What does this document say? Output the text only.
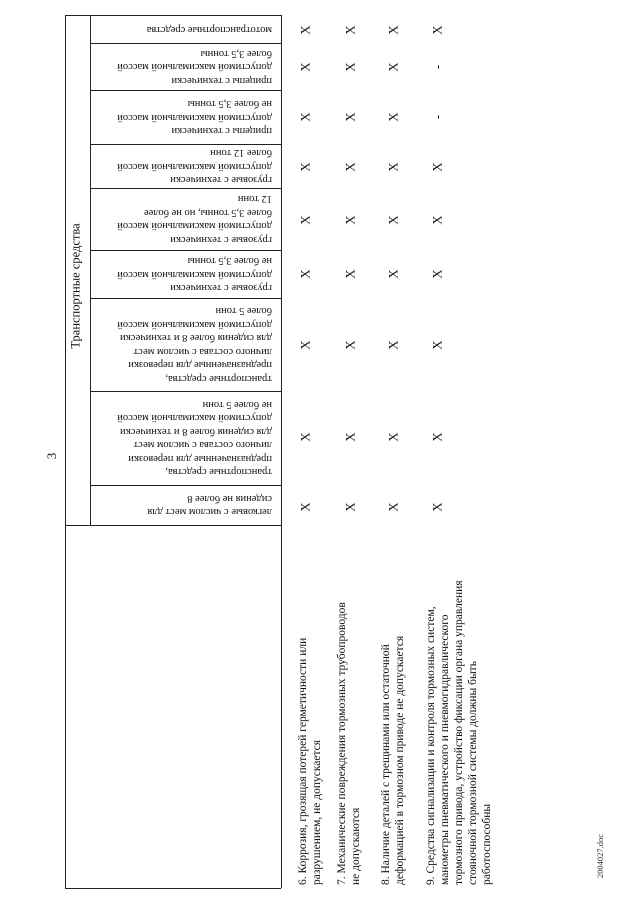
3
Транспортные средства
легковые с числом мест для
сидения не более 8
транспортные средства,
предназначенные для перевозки
личного состава с числом мест
для сидения более 8 и технически
допустимой максимальной массой
не более 5 тонн
транспортные средства,
предназначенные для перевозки
личного состава с числом мест
для сидения более 8 и технически
допустимой максимальной массой
более 5 тонн
грузовые с технически
допустимой максимальной массой
не более 3,5 тонны
грузовые с технически
допустимой максимальной массой
более 3,5 тонны, но не более
12 тонн
грузовые с технически
допустимой максимальной массой
более 12 тонн
прицепы с технически
допустимой максимальной массой
не более 3,5 тонны
прицепы с технически
допустимой максимальной массой
более 3,5 тонны
мототранспортные средства
6. Коррозия, грозящая потерей герметичности или
разрушением, не допускается
7. Механические повреждения тормозных трубопроводов
не допускаются
8. Наличие деталей с трещинами или остаточной
деформацией в тормозном приводе не допускается
9. Средства сигнализации и контроля тормозных систем,
манометры пневматического и пневмогидравлического
тормозного привода, устройство фиксации органа управления
стояночной тормозной системы должны быть
работоспособны
Х
Х
Х
Х
Х
Х
Х
Х
Х
Х
Х
Х
Х
Х
Х
Х
Х
Х
Х
Х
Х
Х
Х
Х
Х
Х
Х
Х
Х
Х
Х
Х
Х
-
-
Х
2004027.doc
